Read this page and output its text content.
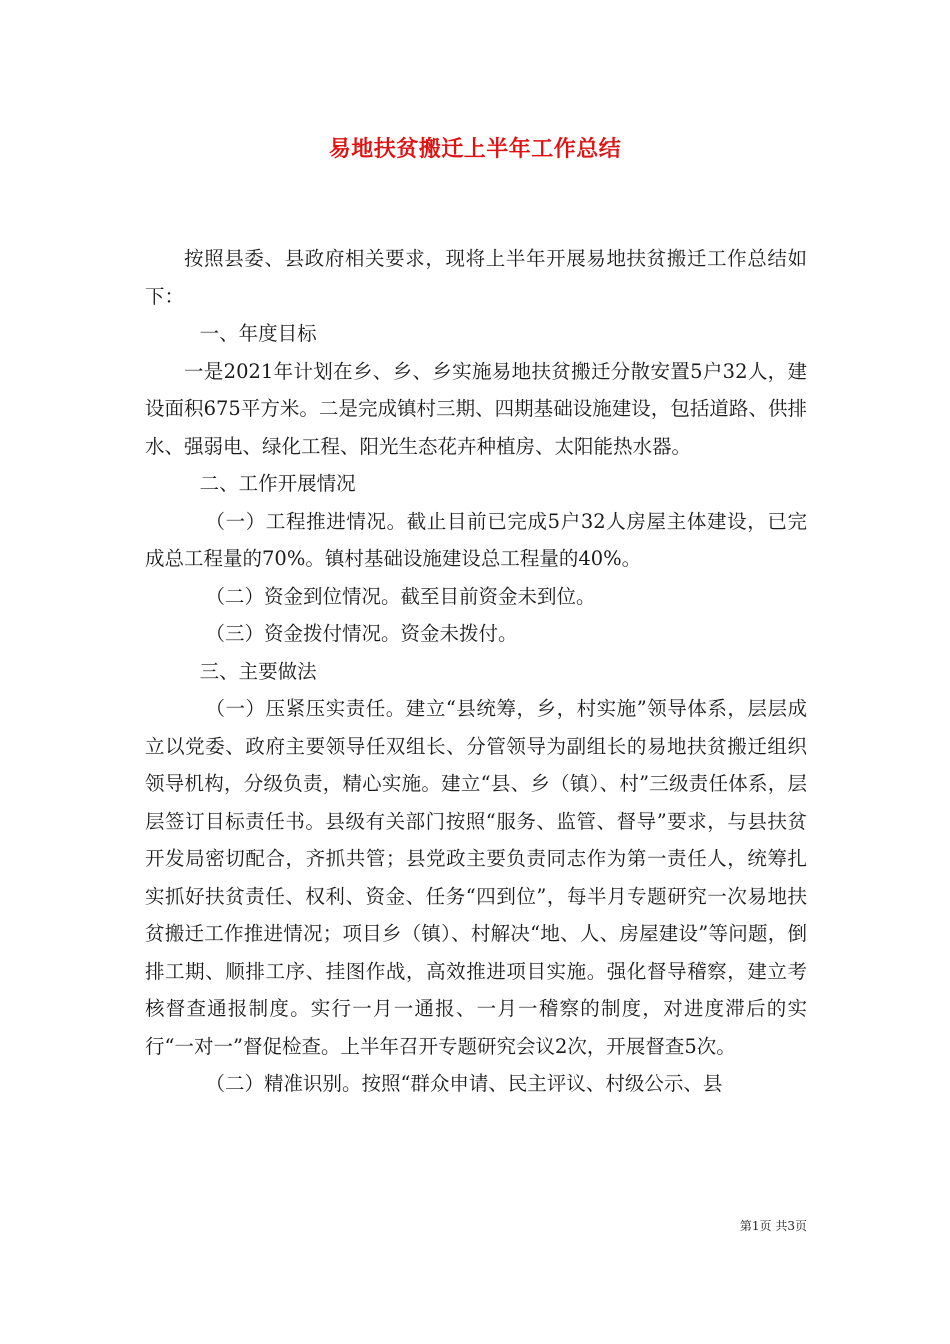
易地扶贫搬迁上半年工作总结

按照县委、县政府相关要求，现将上半年开展易地扶贫搬迁工作总结如下：

一、年度目标

一是2021年计划在乡、乡、乡实施易地扶贫搬迁分散安置5户32人，建设面积675平方米。二是完成镇村三期、四期基础设施建设，包括道路、供排水、强弱电、绿化工程、阳光生态花卉种植房、太阳能热水器。

二、工作开展情况

（一）工程推进情况。截止目前已完成5户32人房屋主体建设，已完成总工程量的70%。镇村基础设施建设总工程量的40%。

（二）资金到位情况。截至目前资金未到位。

（三）资金拨付情况。资金未拨付。

三、主要做法

（一）压紧压实责任。建立“县统筹，乡，村实施”领导体系，层层成立以党委、政府主要领导任双组长、分管领导为副组长的易地扶贫搬迁组织领导机构，分级负责，精心实施。建立“县、乡（镇）、村”三级责任体系，层层签订目标责任书。县级有关部门按照“服务、监管、督导”要求，与县扶贫开发局密切配合，齐抓共管；县党政主要负责同志作为第一责任人，统筹扎实抓好扶贫责任、权利、资金、任务“四到位”，每半月专题研究一次易地扶贫搬迁工作推进情况；项目乡（镇）、村解决“地、人、房屋建设”等问题，倒排工期、顺排工序、挂图作战，高效推进项目实施。强化督导稽察，建立考核督查通报制度。实行一月一通报、一月一稽察的制度，对进度滞后的实行“一对一”督促检查。上半年召开专题研究会议2次，开展督查5次。

（二）精准识别。按照“群众申请、民主评议、村级公示、县

第1页 共3页
